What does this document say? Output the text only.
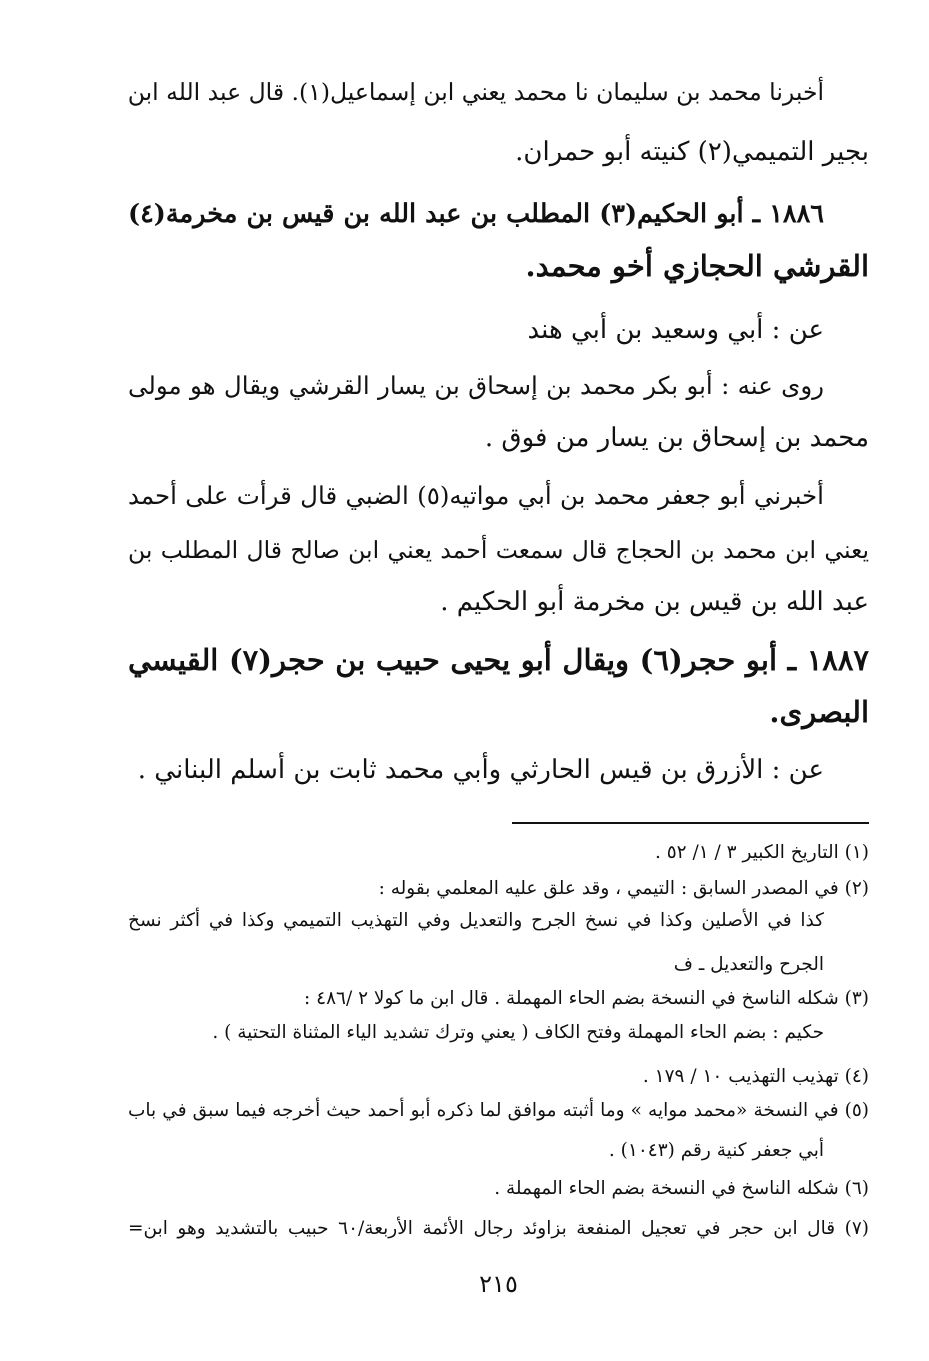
أخبرنا محمد بن سليمان نا محمد يعني ابن إسماعيل(١). قال عبد الله ابن
بجير التميمي(٢) كنيته أبو حمران.
١٨٨٦ ـ أبو الحكيم(٣) المطلب بن عبد الله بن قيس بن مخرمة(٤)
القرشي الحجازي أخو محمد.
عن : أبي وسعيد بن أبي هند
روى عنه : أبو بكر محمد بن إسحاق بن يسار القرشي ويقال هو مولى
محمد بن إسحاق بن يسار من فوق .
أخبرني أبو جعفر محمد بن أبي مواتيه(٥) الضبي قال قرأت على أحمد
يعني ابن محمد بن الحجاج قال سمعت أحمد يعني ابن صالح قال المطلب بن
عبد الله بن قيس بن مخرمة أبو الحكيم .
١٨٨٧ ـ أبو حجر(٦) ويقال أبو يحيى حبيب بن حجر(٧) القيسي
البصرى.
عن : الأزرق بن قيس الحارثي وأبي محمد ثابت بن أسلم البناني .
(١) التاريخ الكبير ٣ / ١/ ٥٢ .
(٢) في المصدر السابق : التيمي ، وقد علق عليه المعلمي بقوله :
كذا في الأصلين وكذا في نسخ الجرح والتعديل وفي التهذيب التميمي وكذا في أكثر نسخ
الجرح والتعديل ـ ف
(٣) شكله الناسخ في النسخة بضم الحاء المهملة . قال ابن ما كولا ٢ /٤٨٦ :
حكيم : بضم الحاء المهملة وفتح الكاف ( يعني وترك تشديد الياء المثناة التحتية ) .
(٤) تهذيب التهذيب ١٠ / ١٧٩ .
(٥) في النسخة «محمد موايه » وما أثبته موافق لما ذكره أبو أحمد حيث أخرجه فيما سبق في باب
أبي جعفر كنية رقم (١٠٤٣) .
(٦) شكله الناسخ في النسخة بضم الحاء المهملة .
(٧) قال ابن حجر في تعجيل المنفعة بزاوئد رجال الأئمة الأربعة/٦٠ حبيب بالتشديد وهو ابن=
٢١٥
